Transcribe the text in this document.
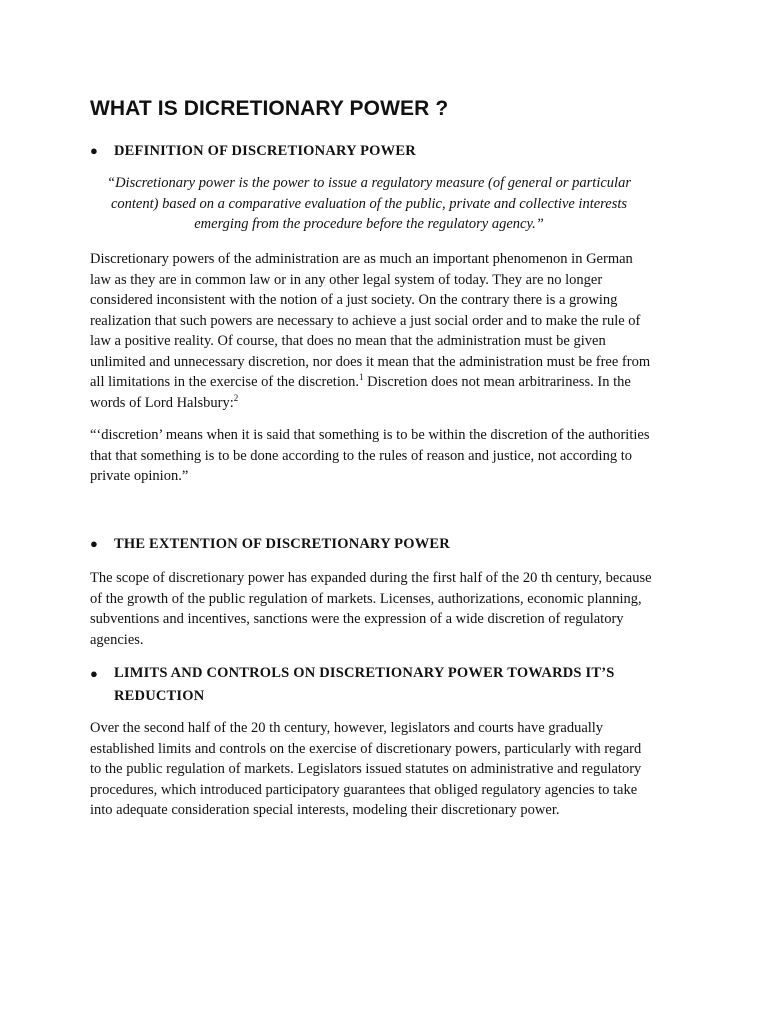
WHAT IS DICRETIONARY POWER ?
●	DEFINITION OF DISCRETIONARY POWER

“Discretionary power is the power to issue a regulatory measure (of general or particular content) based on a comparative evaluation of the public, private and collective interests emerging from the procedure before the regulatory agency.”

Discretionary powers of the administration are as much an important phenomenon in German law as they are in common law or in any other legal system of today. They are no longer considered inconsistent with the notion of a just society. On the contrary there is a growing realization that such powers are necessary to achieve a just social order and to make the rule of law a positive reality. Of course, that does no mean that the administration must be given unlimited and unnecessary discretion, nor does it mean that the administration must be free from all limitations in the exercise of the discretion.$^1$ Discretion does not mean arbitrariness. In the words of Lord Halsbury:$^2$

“‘discretion’ means when it is said that something is to be within the discretion of the authorities that that something is to be done according to the rules of reason and justice, not according to private opinion.”

●	THE EXTENTION OF DISCRETIONARY POWER

The scope of discretionary power has expanded during the first half of the 20 th century, because of the growth of the public regulation of markets. Licenses, authorizations, economic planning, subventions and incentives, sanctions were the expression of a wide discretion of regulatory agencies.

●	LIMITS AND CONTROLS ON DISCRETIONARY POWER TOWARDS IT’S REDUCTION

Over the second half of the 20 th century, however, legislators and courts have gradually established limits and controls on the exercise of discretionary powers, particularly with regard to the public regulation of markets. Legislators issued statutes on administrative and regulatory procedures, which introduced participatory guarantees that obliged regulatory agencies to take into adequate consideration special interests, modeling their discretionary power.
